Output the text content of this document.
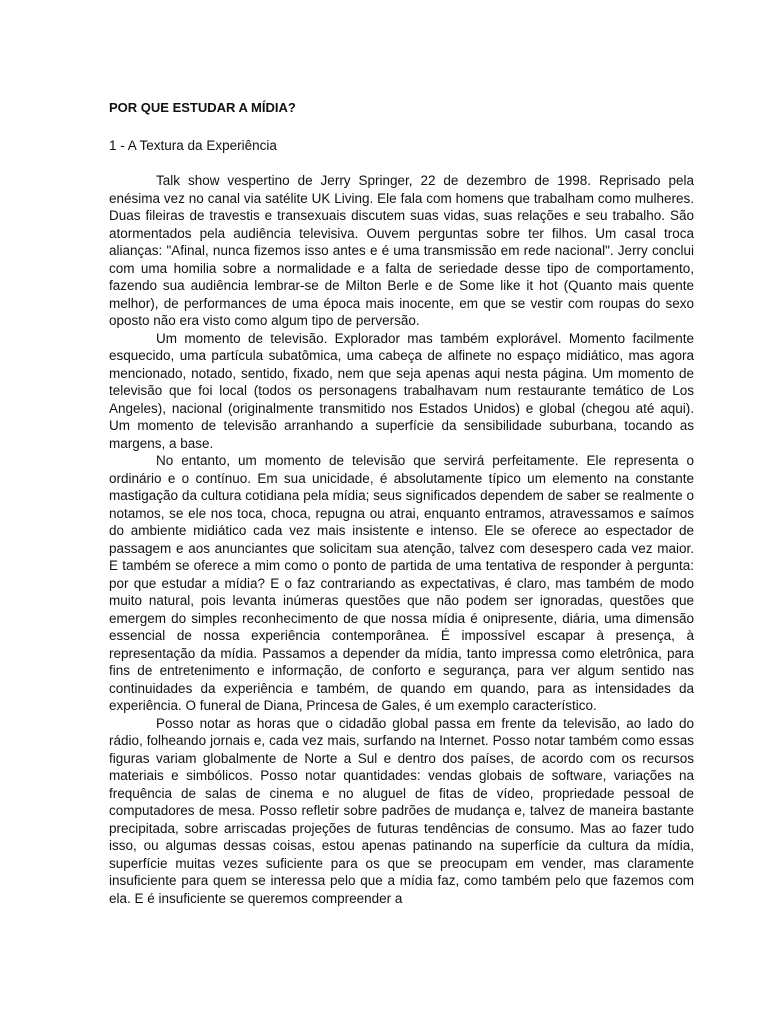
POR QUE ESTUDAR A MÍDIA?
1 - A Textura da Experiência

Talk show vespertino de Jerry Springer, 22 de dezembro de 1998. Reprisado pela enésima vez no canal via satélite UK Living. Ele fala com homens que trabalham como mulheres. Duas fileiras de travestis e transexuais discutem suas vidas, suas relações e seu trabalho. São atormentados pela audiência televisiva. Ouvem perguntas sobre ter filhos. Um casal troca alianças: "Afinal, nunca fizemos isso antes e é uma transmissão em rede nacional". Jerry conclui com uma homilia sobre a normalidade e a falta de seriedade desse tipo de comportamento, fazendo sua audiência lembrar-se de Milton Berle e de Some like it hot (Quanto mais quente melhor), de performances de uma época mais inocente, em que se vestir com roupas do sexo oposto não era visto como algum tipo de perversão.

Um momento de televisão. Explorador mas também explorável. Momento facilmente esquecido, uma partícula subatômica, uma cabeça de alfinete no espaço midiático, mas agora mencionado, notado, sentido, fixado, nem que seja apenas aqui nesta página. Um momento de televisão que foi local (todos os personagens trabalhavam num restaurante temático de Los Angeles), nacional (originalmente transmitido nos Estados Unidos) e global (chegou até aqui). Um momento de televisão arranhando a superfície da sensibilidade suburbana, tocando as margens, a base.

No entanto, um momento de televisão que servirá perfeitamente. Ele representa o ordinário e o contínuo. Em sua unicidade, é absolutamente típico um elemento na constante mastigação da cultura cotidiana pela mídia; seus significados dependem de saber se realmente o notamos, se ele nos toca, choca, repugna ou atrai, enquanto entramos, atravessamos e saímos do ambiente midiático cada vez mais insistente e intenso. Ele se oferece ao espectador de passagem e aos anunciantes que solicitam sua atenção, talvez com desespero cada vez maior. E também se oferece a mim como o ponto de partida de uma tentativa de responder à pergunta: por que estudar a mídia? E o faz contrariando as expectativas, é claro, mas também de modo muito natural, pois levanta inúmeras questões que não podem ser ignoradas, questões que emergem do simples reconhecimento de que nossa mídia é onipresente, diária, uma dimensão essencial de nossa experiência contemporânea. É impossível escapar à presença, à representação da mídia. Passamos a depender da mídia, tanto impressa como eletrônica, para fins de entretenimento e informação, de conforto e segurança, para ver algum sentido nas continuidades da experiência e também, de quando em quando, para as intensidades da experiência. O funeral de Diana, Princesa de Gales, é um exemplo característico.

Posso notar as horas que o cidadão global passa em frente da televisão, ao lado do rádio, folheando jornais e, cada vez mais, surfando na Internet. Posso notar também como essas figuras variam globalmente de Norte a Sul e dentro dos países, de acordo com os recursos materiais e simbólicos. Posso notar quantidades: vendas globais de software, variações na frequência de salas de cinema e no aluguel de fitas de vídeo, propriedade pessoal de computadores de mesa. Posso refletir sobre padrões de mudança e, talvez de maneira bastante precipitada, sobre arriscadas projeções de futuras tendências de consumo. Mas ao fazer tudo isso, ou algumas dessas coisas, estou apenas patinando na superfície da cultura da mídia, superfície muitas vezes suficiente para os que se preocupam em vender, mas claramente insuficiente para quem se interessa pelo que a mídia faz, como também pelo que fazemos com ela. E é insuficiente se queremos compreender a
